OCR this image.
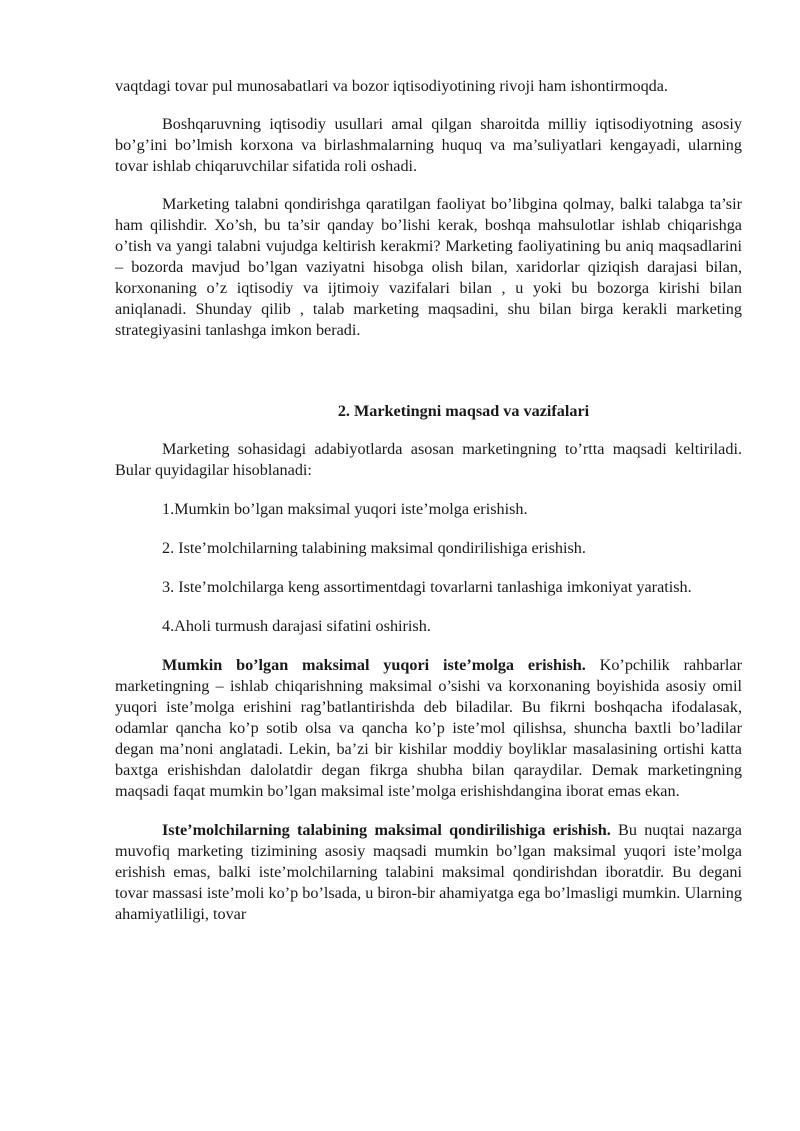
vaqtdagi tovar pul munosabatlari va bozor iqtisodiyotining rivoji ham ishontirmoqda.

Boshqaruvning iqtisodiy usullari amal qilgan sharoitda milliy iqtisodiyotning asosiy bo’g’ini bo’lmish korxona va birlashmalarning huquq va ma’suliyatlari kengayadi, ularning tovar ishlab chiqaruvchilar sifatida roli oshadi.

Marketing talabni qondirishga qaratilgan faoliyat bo’libgina qolmay, balki talabga ta’sir ham qilishdir. Xo’sh, bu ta’sir qanday bo’lishi kerak, boshqa mahsulotlar ishlab chiqarishga o’tish va yangi talabni vujudga keltirish kerakmi? Marketing faoliyatining bu aniq maqsadlarini – bozorda mavjud bo’lgan vaziyatni hisobga olish bilan, xaridorlar qiziqish darajasi bilan, korxonaning o’z iqtisodiy va ijtimoiy vazifalari bilan , u yoki bu bozorga kirishi bilan aniqlanadi. Shunday qilib , talab marketing maqsadini, shu bilan birga kerakli marketing strategiyasini tanlashga imkon beradi.

2. Marketingni maqsad va vazifalari

Marketing sohasidagi adabiyotlarda asosan marketingning to’rtta maqsadi keltiriladi. Bular quyidagilar hisoblanadi:

1.Mumkin bo’lgan maksimal yuqori iste’molga erishish.

2. Iste’molchilarning talabining maksimal qondirilishiga erishish.

3. Iste’molchilarga keng assortimentdagi tovarlarni tanlashiga imkoniyat yaratish.

4.Aholi turmush darajasi sifatini oshirish.

Mumkin bo’lgan maksimal yuqori iste’molga erishish. Ko’pchilik rahbarlar marketingning – ishlab chiqarishning maksimal o’sishi va korxonaning boyishida asosiy omil yuqori iste’molga erishini rag’batlantirishda deb biladilar. Bu fikrni boshqacha ifodalasak, odamlar qancha ko’p sotib olsa va qancha ko’p iste’mol qilishsa, shuncha baxtli bo’ladilar degan ma’noni anglatadi. Lekin, ba’zi bir kishilar moddiy boyliklar masalasining ortishi katta baxtga erishishdan dalolatdir degan fikrga shubha bilan qaraydilar. Demak marketingning maqsadi faqat mumkin bo’lgan maksimal iste’molga erishishdangina iborat emas ekan.

Iste’molchilarning talabining maksimal qondirilishiga erishish. Bu nuqtai nazarga muvofiq marketing tizimining asosiy maqsadi mumkin bo’lgan maksimal yuqori iste’molga erishish emas, balki iste’molchilarning talabini maksimal qondirishdan iboratdir. Bu degani tovar massasi iste’moli ko’p bo’lsada, u biron-bir ahamiyatga ega bo’lmasligi mumkin. Ularning ahamiyatliligi, tovar
